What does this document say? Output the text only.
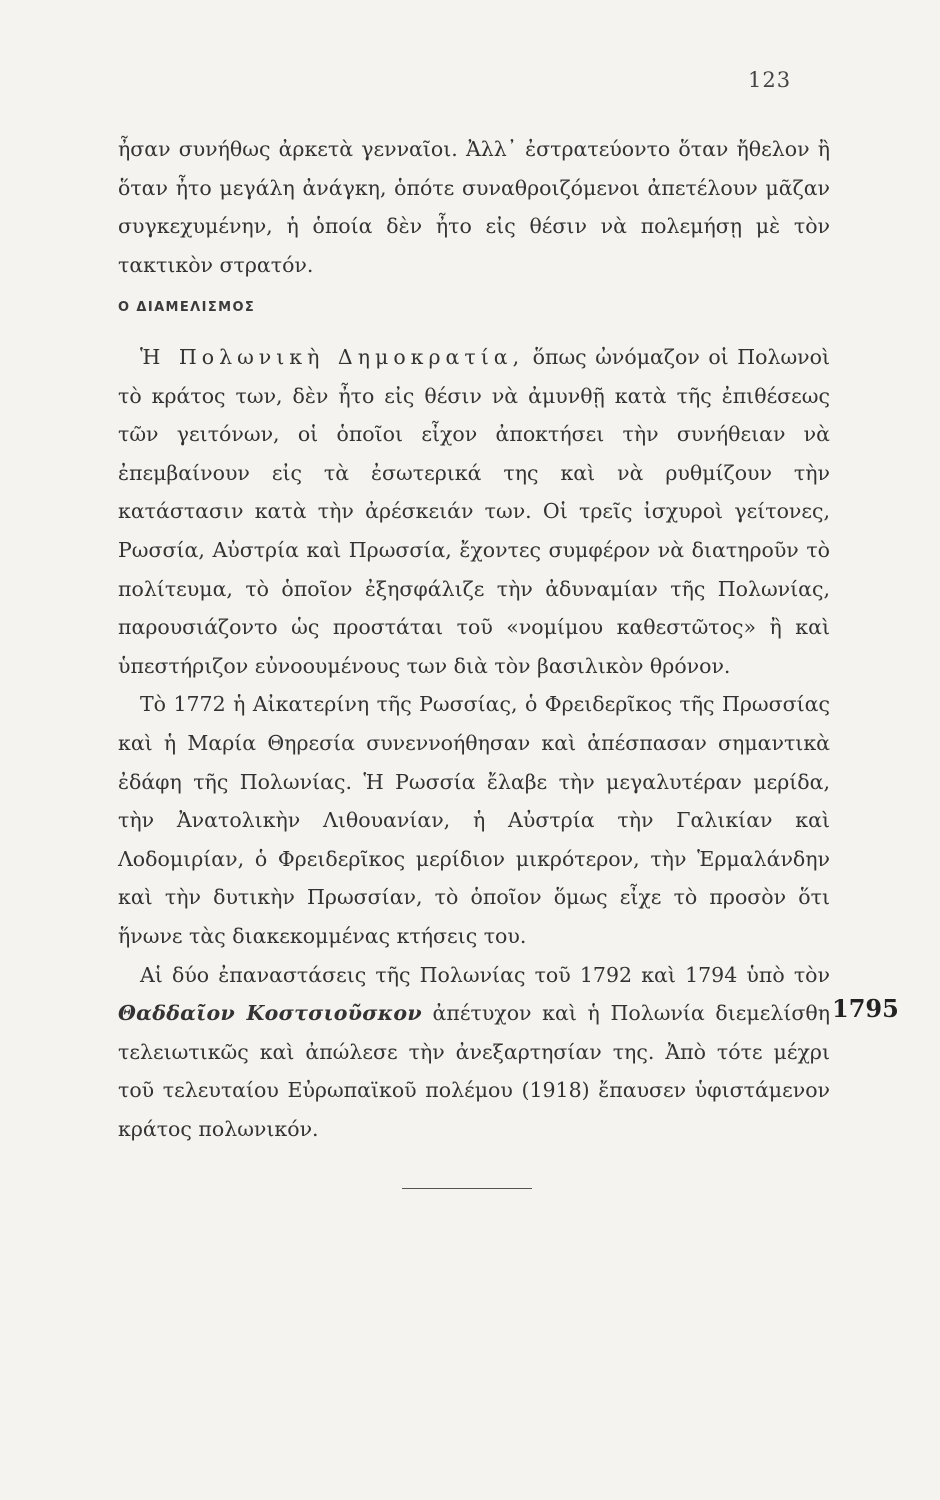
123

ἦσαν συνήθως ἀρκετὰ γενναῖοι. Ἀλλ᾽ ἐστρατεύοντο ὅταν ἤθελον ἢ ὅταν ἦτο μεγάλη ἀνάγκη, ὁπότε συναθροιζόμενοι ἀπετέλουν μᾶζαν συγκεχυμένην, ἡ ὁποία δὲν ἦτο εἰς θέσιν νὰ πολεμήσῃ μὲ τὸν τακτικὸν στρατόν.

Ο ΔΙΑΜΕΛΙΣΜΟΣ

Ἡ Πολωνικὴ Δημοκρατία, ὅπως ὠνόμαζον οἱ Πολωνοὶ τὸ κράτος των, δὲν ἦτο εἰς θέσιν νὰ ἀμυνθῇ κατὰ τῆς ἐπιθέσεως τῶν γειτόνων, οἱ ὁποῖοι εἶχον ἀποκτήσει τὴν συνήθειαν νὰ ἐπεμβαίνουν εἰς τὰ ἐσωτερικά της καὶ νὰ ρυθμίζουν τὴν κατάστασιν κατὰ τὴν ἀρέσκειάν των. Οἱ τρεῖς ἰσχυροὶ γείτονες, Ρωσσία, Αὐστρία καὶ Πρωσσία, ἔχοντες συμφέρον νὰ διατηροῦν τὸ πολίτευμα, τὸ ὁποῖον ἐξησφάλιζε τὴν ἀδυναμίαν τῆς Πολωνίας, παρουσιάζοντο ὡς προστάται τοῦ «νομίμου καθεστῶτος» ἢ καὶ ὑπεστήριζον εὐνοουμένους των διὰ τὸν βασιλικὸν θρόνον.

Τὸ 1772 ἡ Αἰκατερίνη τῆς Ρωσσίας, ὁ Φρειδερῖκος τῆς Πρωσσίας καὶ ἡ Μαρία Θηρεσία συνεννοήθησαν καὶ ἀπέσπασαν σημαντικὰ ἐδάφη τῆς Πολωνίας. Ἡ Ρωσσία ἔλαβε τὴν μεγαλυτέραν μερίδα, τὴν Ἀνατολικὴν Λιθουανίαν, ἡ Αὐστρία τὴν Γαλικίαν καὶ Λοδομιρίαν, ὁ Φρειδερῖκος μερίδιον μικρότερον, τὴν Ἑρμαλάνδην καὶ τὴν δυτικὴν Πρωσσίαν, τὸ ὁποῖον ὅμως εἶχε τὸ προσὸν ὅτι ἥνωνε τὰς διακεκομμένας κτήσεις του.

Αἱ δύο ἐπαναστάσεις τῆς Πολωνίας τοῦ 1792 καὶ 1794 ὑπὸ τὸν Θαδδαῖον Κοστσιοῦσκον ἀπέτυχον καὶ ἡ Πολωνία διεμελίσθη τελειωτικῶς καὶ ἀπώλεσε τὴν ἀνεξαρτησίαν της. Ἀπὸ τότε μέχρι τοῦ τελευταίου Εὐρωπαϊκοῦ πολέμου (1918) ἔπαυσεν ὑφιστάμενον κράτος πολωνικόν.

1795
